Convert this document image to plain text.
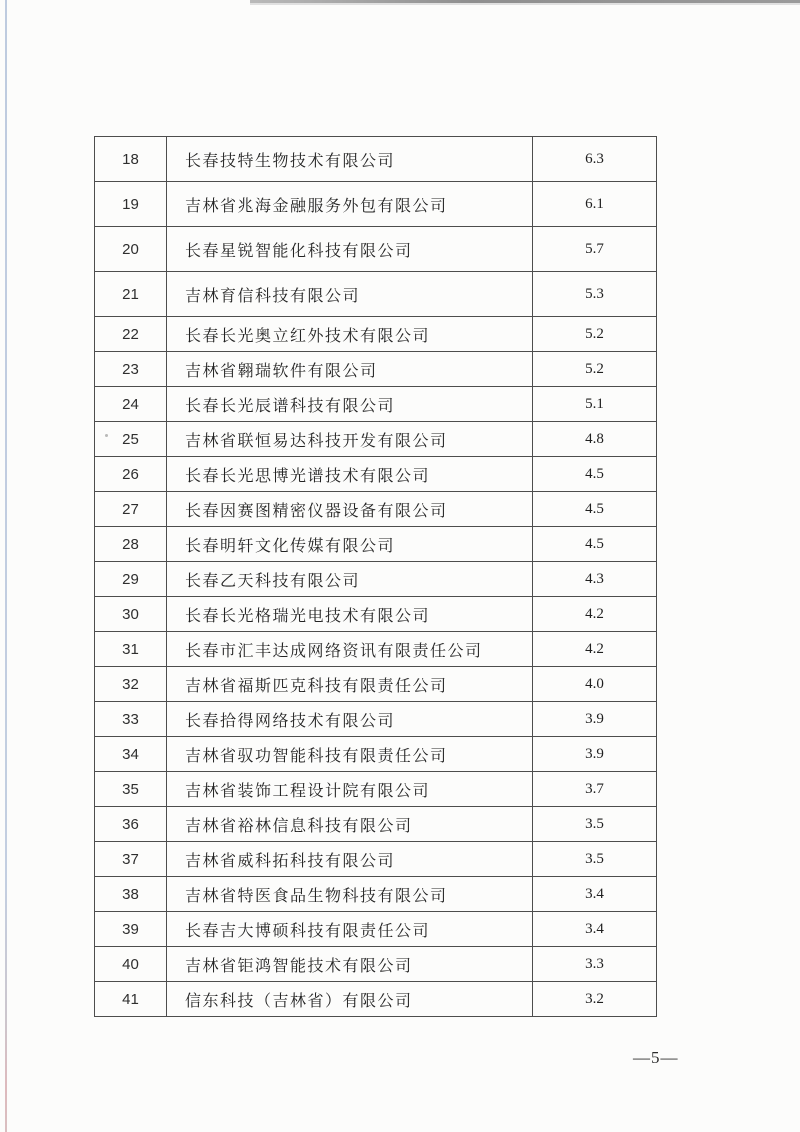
18	长春技特生物技术有限公司	6.3
19	吉林省兆海金融服务外包有限公司	6.1
20	长春星锐智能化科技有限公司	5.7
21	吉林育信科技有限公司	5.3
22	长春长光奥立红外技术有限公司	5.2
23	吉林省翱瑞软件有限公司	5.2
24	长春长光辰谱科技有限公司	5.1
25	吉林省联恒易达科技开发有限公司	4.8
26	长春长光思博光谱技术有限公司	4.5
27	长春因赛图精密仪器设备有限公司	4.5
28	长春明轩文化传媒有限公司	4.5
29	长春乙天科技有限公司	4.3
30	长春长光格瑞光电技术有限公司	4.2
31	长春市汇丰达成网络资讯有限责任公司	4.2
32	吉林省福斯匹克科技有限责任公司	4.0
33	长春拾得网络技术有限公司	3.9
34	吉林省驭功智能科技有限责任公司	3.9
35	吉林省装饰工程设计院有限公司	3.7
36	吉林省裕林信息科技有限公司	3.5
37	吉林省威科拓科技有限公司	3.5
38	吉林省特医食品生物科技有限公司	3.4
39	长春吉大博硕科技有限责任公司	3.4
40	吉林省钜鸿智能技术有限公司	3.3
41	信东科技（吉林省）有限公司	3.2
—5—
